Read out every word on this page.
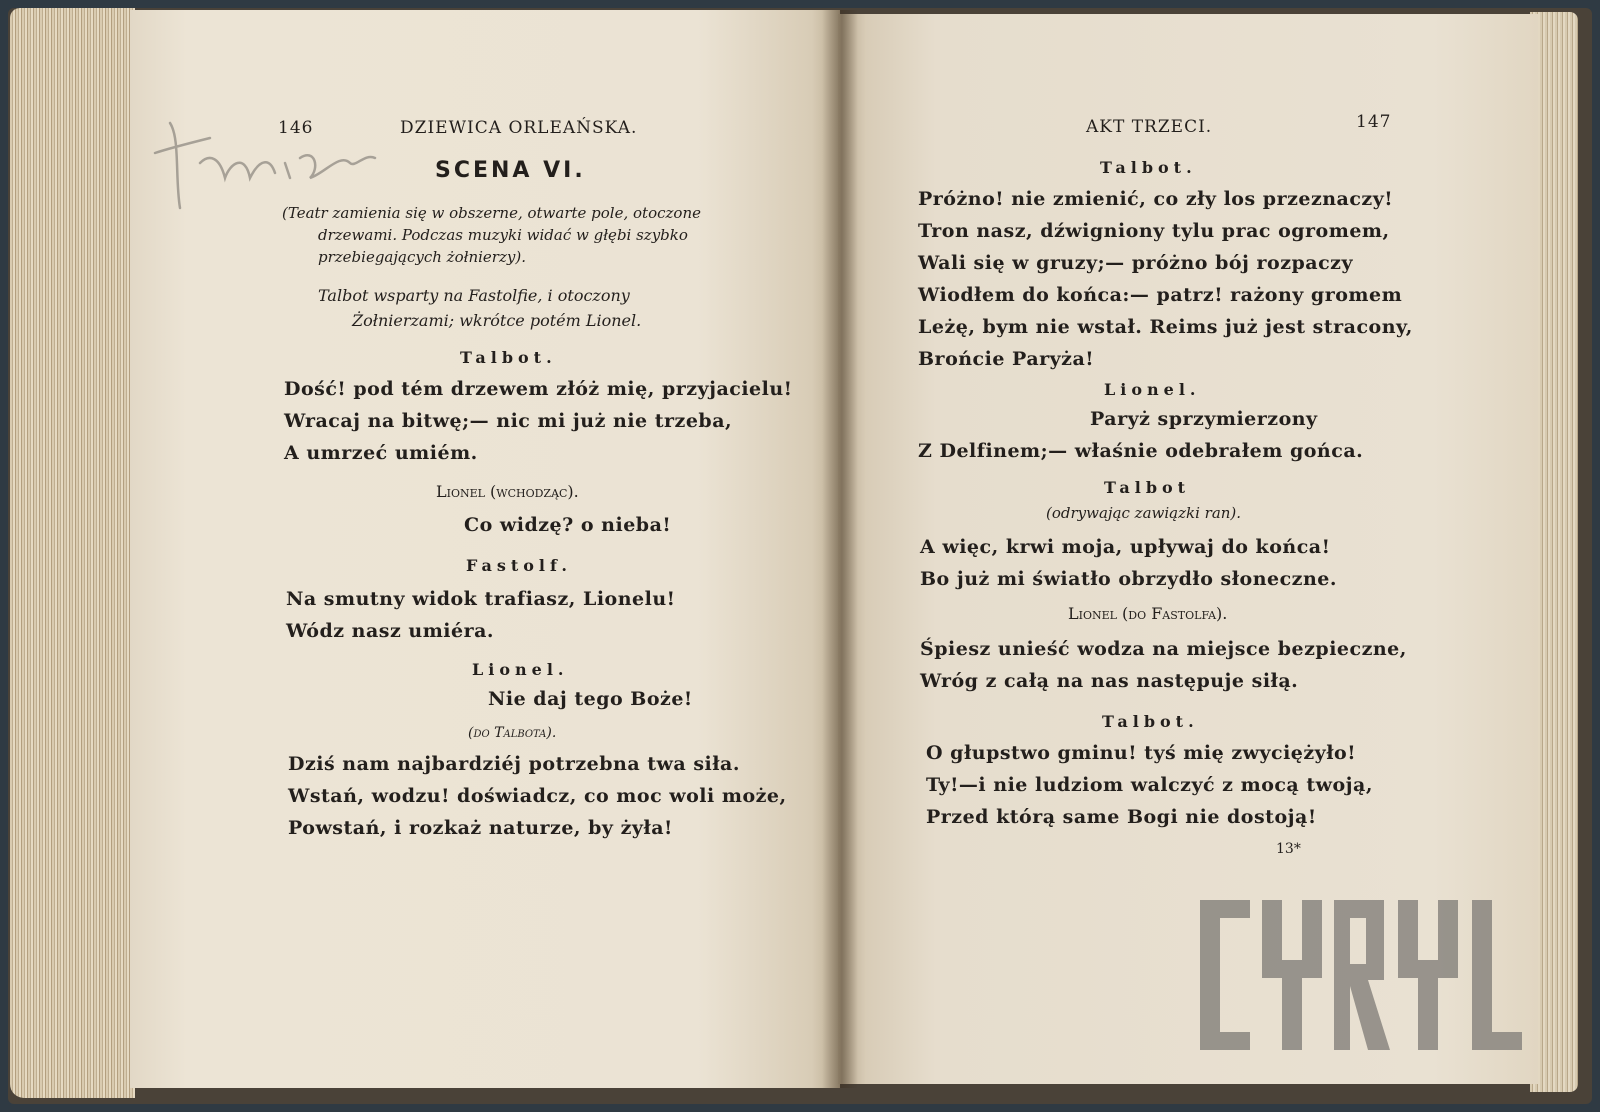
146	DZIEWICA ORLEAŃSKA.
SCENA VI.
(Teatr zamienia się w obszerne, otwarte pole, otoczone
drzewami. Podczas muzyki widać w głębi szybko
przebiegających żołnierzy).
Talbot wsparty na Fastolfie, i otoczony
Żołnierzami; wkrótce potém Lionel.
Talbot.
Dość! pod tém drzewem złóż mię, przyjacielu!
Wracaj na bitwę;— nic mi już nie trzeba,
A umrzeć umiém.
Lionel (wchodząc).
Co widzę? o nieba!
Fastolf.
Na smutny widok trafiasz, Lionelu!
Wódz nasz umiéra.
Lionel.
Nie daj tego Boże!
(do Talbota).
Dziś nam najbardziéj potrzebna twa siła.
Wstań, wodzu! doświadcz, co moc woli może,
Powstań, i rozkaż naturze, by żyła!
AKT TRZECI.	147
Talbot.
Próżno! nie zmienić, co zły los przeznaczy!
Tron nasz, dźwigniony tylu prac ogromem,
Wali się w gruzy;— próżno bój rozpaczy
Wiodłem do końca:— patrz! rażony gromem
Leżę, bym nie wstał. Reims już jest stracony,
Brońcie Paryża!
Lionel.
Paryż sprzymierzony
Z Delfinem;— właśnie odebrałem gońca.
Talbot
(odrywając zawiązki ran).
A więc, krwi moja, upływaj do końca!
Bo już mi światło obrzydło słoneczne.
Lionel (do Fastolfa).
Śpiesz unieść wodza na miejsce bezpieczne,
Wróg z całą na nas następuje siłą.
Talbot.
O głupstwo gminu! tyś mię zwyciężyło!
Ty!—i nie ludziom walczyć z mocą twoją,
Przed którą same Bogi nie dostoją!
13*
